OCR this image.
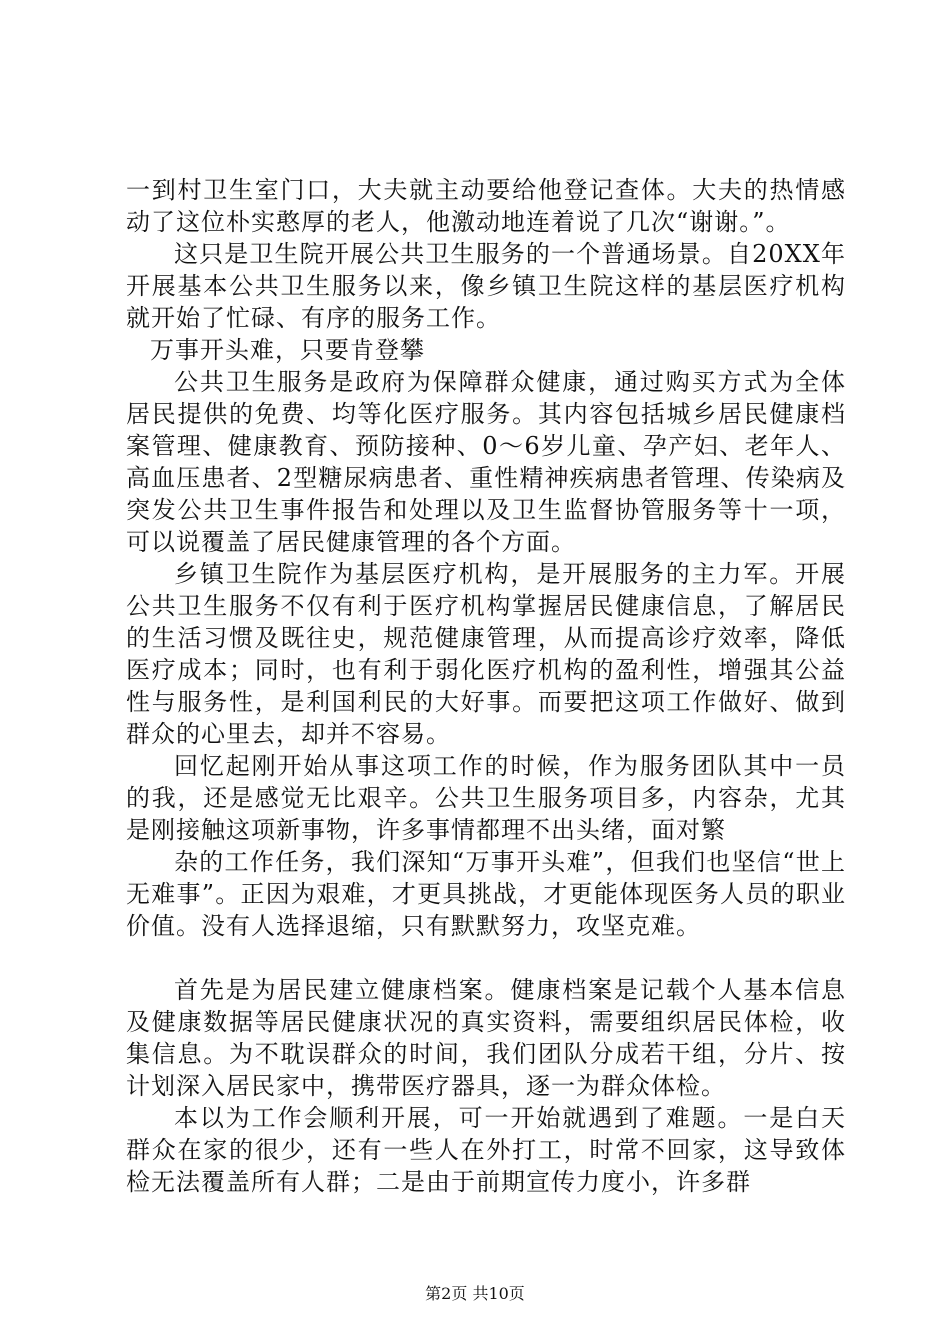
一到村卫生室门口，大夫就主动要给他登记查体。大夫的热情感动了这位朴实憨厚的老人，他激动地连着说了几次“谢谢。”。

这只是卫生院开展公共卫生服务的一个普通场景。自20XX年开展基本公共卫生服务以来，像乡镇卫生院这样的基层医疗机构就开始了忙碌、有序的服务工作。

万事开头难，只要肯登攀

公共卫生服务是政府为保障群众健康，通过购买方式为全体居民提供的免费、均等化医疗服务。其内容包括城乡居民健康档案管理、健康教育、预防接种、0～6岁儿童、孕产妇、老年人、高血压患者、2型糖尿病患者、重性精神疾病患者管理、传染病及突发公共卫生事件报告和处理以及卫生监督协管服务等十一项，可以说覆盖了居民健康管理的各个方面。

乡镇卫生院作为基层医疗机构，是开展服务的主力军。开展公共卫生服务不仅有利于医疗机构掌握居民健康信息，了解居民的生活习惯及既往史，规范健康管理，从而提高诊疗效率，降低医疗成本；同时，也有利于弱化医疗机构的盈利性，增强其公益性与服务性，是利国利民的大好事。而要把这项工作做好、做到群众的心里去，却并不容易。

回忆起刚开始从事这项工作的时候，作为服务团队其中一员的我，还是感觉无比艰辛。公共卫生服务项目多，内容杂，尤其是刚接触这项新事物，许多事情都理不出头绪，面对繁

杂的工作任务，我们深知“万事开头难”，但我们也坚信“世上无难事”。正因为艰难，才更具挑战，才更能体现医务人员的职业价值。没有人选择退缩，只有默默努力，攻坚克难。

首先是为居民建立健康档案。健康档案是记载个人基本信息及健康数据等居民健康状况的真实资料，需要组织居民体检，收集信息。为不耽误群众的时间，我们团队分成若干组，分片、按计划深入居民家中，携带医疗器具，逐一为群众体检。

本以为工作会顺利开展，可一开始就遇到了难题。一是白天群众在家的很少，还有一些人在外打工，时常不回家，这导致体检无法覆盖所有人群；二是由于前期宣传力度小，许多群

第2页 共10页
